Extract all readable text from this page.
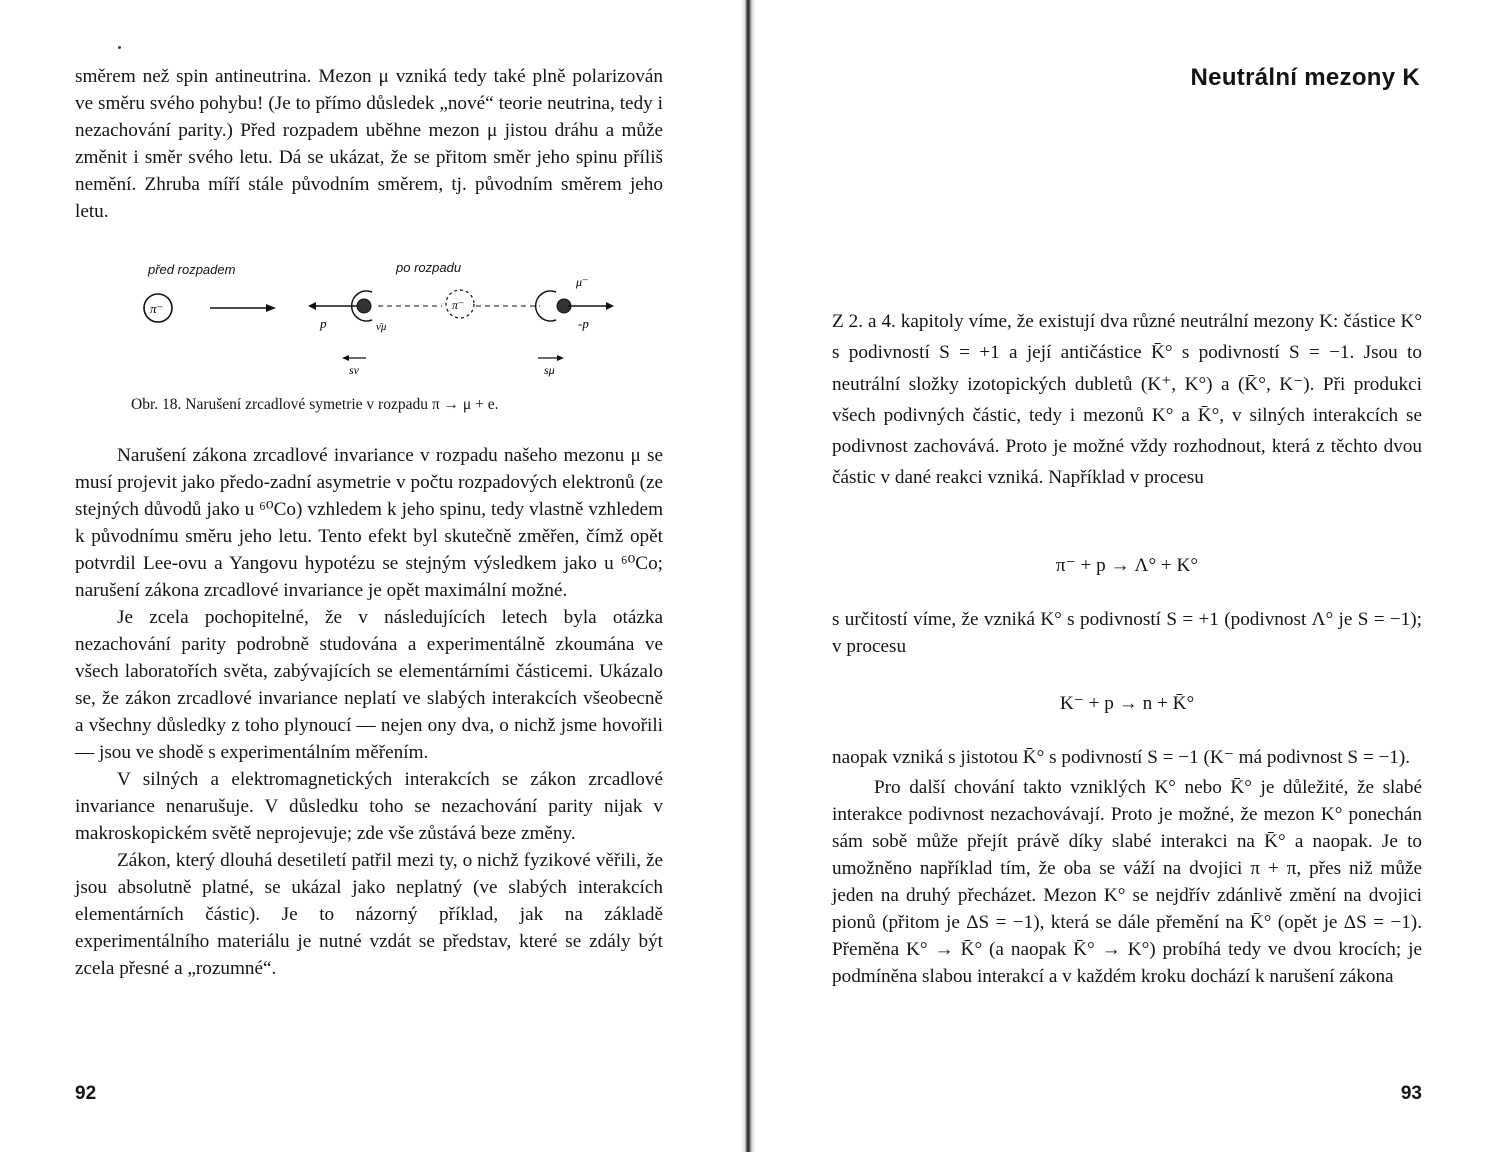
směrem než spin antineutrina. Mezon μ vzniká tedy také plně polarizován ve směru svého pohybu! (Je to přímo důsledek „nové“ teorie neutrina, tedy i nezachování parity.) Před rozpadem uběhne mezon μ jistou dráhu a může změnit i směr svého letu. Dá se ukázat, že se přitom směr jeho spinu příliš nemění. Zhruba míří stále původním směrem, tj. původním směrem jeho letu.

před rozpadem	po rozpadu
π⁻
p⃗	ν̄μ
π⁻
μ⁻
-p⃗
sν	sμ
Obr. 18. Narušení zrcadlové symetrie v rozpadu π → μ + e.

Narušení zákona zrcadlové invariance v rozpadu našeho mezonu μ se musí projevit jako předo-zadní asymetrie v počtu rozpadových elektronů (ze stejných důvodů jako u ⁶⁰Co) vzhledem k jeho spinu, tedy vlastně vzhledem k původnímu směru jeho letu. Tento efekt byl skutečně změřen, čímž opět potvrdil Lee-ovu a Yangovu hypotézu se stejným výsledkem jako u ⁶⁰Co; narušení zákona zrcadlové invariance je opět maximální možné.

Je zcela pochopitelné, že v následujících letech byla otázka nezachování parity podrobně studována a experimentálně zkoumána ve všech laboratořích světa, zabývajících se elementárními částicemi. Ukázalo se, že zákon zrcadlové invariance neplatí ve slabých interakcích všeobecně a všechny důsledky z toho plynoucí — nejen ony dva, o nichž jsme hovořili — jsou ve shodě s experimentálním měřením.

V silných a elektromagnetických interakcích se zákon zrcadlové invariance nenarušuje. V důsledku toho se nezachování parity nijak v makroskopickém světě neprojevuje; zde vše zůstává beze změny.

Zákon, který dlouhá desetiletí patřil mezi ty, o nichž fyzikové věřili, že jsou absolutně platné, se ukázal jako neplatný (ve slabých interakcích elementárních částic). Je to názorný příklad, jak na základě experimentálního materiálu je nutné vzdát se představ, které se zdály být zcela přesné a „rozumné“.

92
Neutrální mezony K

Z 2. a 4. kapitoly víme, že existují dva různé neutrální mezony K: částice K° s podivností S = +1 a její antičástice K̄° s podivností S = −1. Jsou to neutrální složky izotopických dubletů (K⁺, K°) a (K̄°, K⁻). Při produkci všech podivných částic, tedy i mezonů K° a K̄°, v silných interakcích se podivnost zachovává. Proto je možné vždy rozhodnout, která z těchto dvou částic v dané reakci vzniká. Například v procesu

π⁻ + p → Λ° + K°

s určitostí víme, že vzniká K° s podivností S = +1 (podivnost Λ° je S = −1); v procesu

K⁻ + p → n + K̄°

naopak vzniká s jistotou K̄° s podivností S = −1 (K⁻ má podivnost S = −1).

Pro další chování takto vzniklých K° nebo K̄° je důležité, že slabé interakce podivnost nezachovávají. Proto je možné, že mezon K° ponechán sám sobě může přejít právě díky slabé interakci na K̄° a naopak. Je to umožněno například tím, že oba se váží na dvojici π + π, přes niž může jeden na druhý přecházet. Mezon K° se nejdřív zdánlivě změní na dvojici pionů (přitom je ΔS = −1), která se dále přemění na K̄° (opět je ΔS = −1). Přeměna K° → K̄° (a naopak K̄° → K°) probíhá tedy ve dvou krocích; je podmíněna slabou interakcí a v každém kroku dochází k narušení zákona

93
